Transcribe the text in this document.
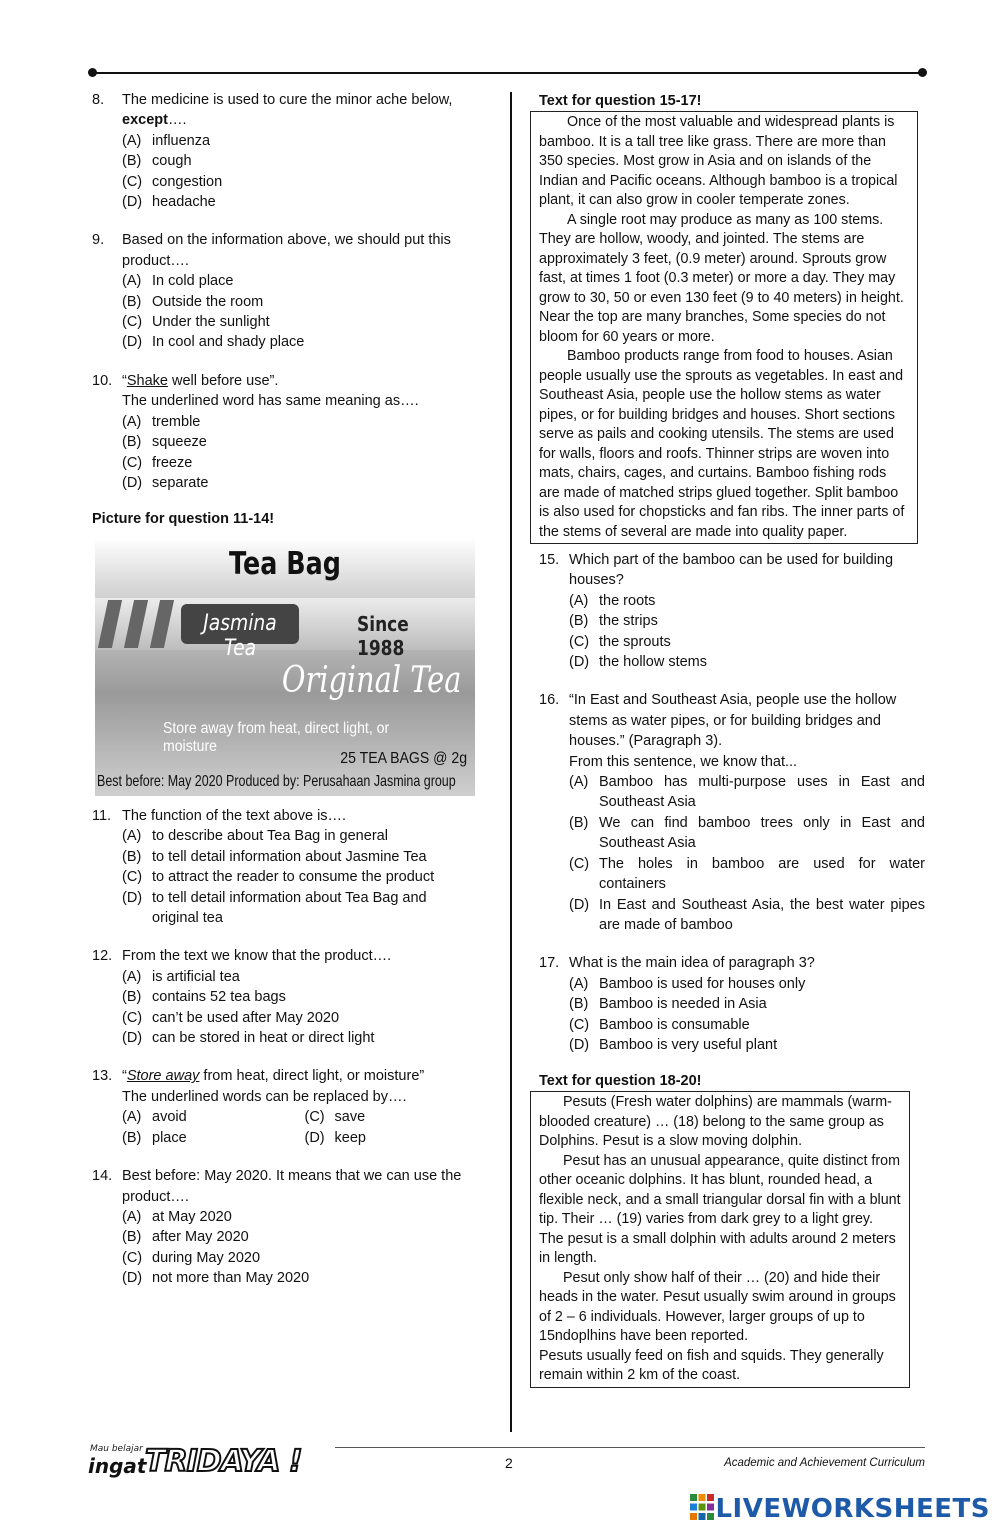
8. The medicine is used to cure the minor ache below,
except….
(A) influenza
(B) cough
(C) congestion
(D) headache
9. Based on the information above, we should put this product….
(A) In cold place
(B) Outside the room
(C) Under the sunlight
(D) In cool and shady place
10. “Shake well before use”.
The underlined word has same meaning as….
(A) tremble
(B) squeeze
(C) freeze
(D) separate
Picture for question 11-14!
Tea Bag
Jasmina Tea
Since 1988
Original Tea
Store away from heat, direct light, or moisture
25 TEA BAGS @ 2g
Best before: May 2020 Produced by: Perusahaan Jasmina group
11. The function of the text above is….
(A) to describe about Tea Bag in general
(B) to tell detail information about Jasmine Tea
(C) to attract the reader to consume the product
(D) to tell detail information about Tea Bag and original tea
12. From the text we know that the product….
(A) is artificial tea
(B) contains 52 tea bags
(C) can’t be used after May 2020
(D) can be stored in heat or direct light
13. “Store away from heat, direct light, or moisture”
The underlined words can be replaced by….
(A) avoid	(C) save
(B) place	(D) keep
14. Best before: May 2020. It means that we can use the product….
(A) at May 2020
(B) after May 2020
(C) during May 2020
(D) not more than May 2020
Text for question 15-17!

Once of the most valuable and widespread plants is bamboo. It is a tall tree like grass. There are more than 350 species. Most grow in Asia and on islands of the Indian and Pacific oceans. Although bamboo is a tropical plant, it can also grow in cooler temperate zones.

A single root may produce as many as 100 stems. They are hollow, woody, and jointed. The stems are approximately 3 feet, (0.9 meter) around. Sprouts grow fast, at times 1 foot (0.3 meter) or more a day. They may grow to 30, 50 or even 130 feet (9 to 40 meters) in height. Near the top are many branches, Some species do not bloom for 60 years or more.

Bamboo products range from food to houses. Asian people usually use the sprouts as vegetables. In east and Southeast Asia, people use the hollow stems as water pipes, or for building bridges and houses. Short sections serve as pails and cooking utensils. The stems are used for walls, floors and roofs. Thinner strips are woven into mats, chairs, cages, and curtains. Bamboo fishing rods are made of matched strips glued together. Split bamboo is also used for chopsticks and fan ribs. The inner parts of the stems of several are made into quality paper.

15. Which part of the bamboo can be used for building houses?
(A) the roots
(B) the strips
(C) the sprouts
(D) the hollow stems
16. “In East and Southeast Asia, people use the hollow stems as water pipes, or for building bridges and houses.” (Paragraph 3).
From this sentence, we know that...
(A) Bamboo has multi-purpose uses in East and Southeast Asia
(B) We can find bamboo trees only in East and Southeast Asia
(C) The holes in bamboo are used for water containers
(D) In East and Southeast Asia, the best water pipes are made of bamboo
17. What is the main idea of paragraph 3?
(A) Bamboo is used for houses only
(B) Bamboo is needed in Asia
(C) Bamboo is consumable
(D) Bamboo is very useful plant
Text for question 18-20!

Pesuts (Fresh water dolphins) are mammals (warm-blooded creature) … (18) belong to the same group as Dolphins. Pesut is a slow moving dolphin.

Pesut has an unusual appearance, quite distinct from other oceanic dolphins. It has blunt, rounded head, a flexible neck, and a small triangular dorsal fin with a blunt tip. Their … (19) varies from dark grey to a light grey. The pesut is a small dolphin with adults around 2 meters in length.

Pesut only show half of their … (20) and hide their heads in the water. Pesut usually swim around in groups of 2 – 6 individuals. However, larger groups of up to 15ndoplhins have been reported.

Pesuts usually feed on fish and squids. They generally remain within 2 km of the coast.

Mau belajar
ingat
TRIDAYA !	2	Academic and Achievement Curriculum
LIVEWORKSHEETS
